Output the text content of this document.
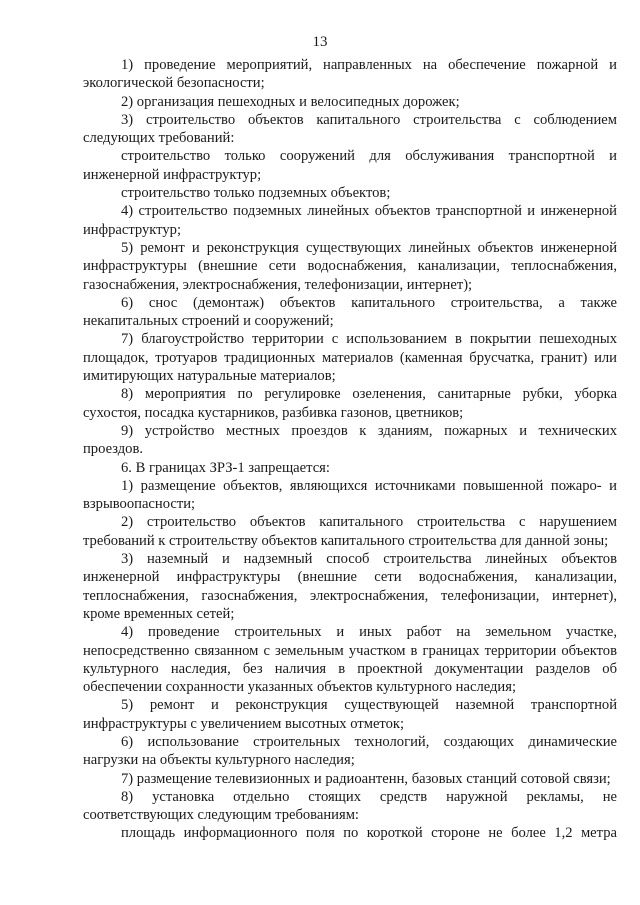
13

1) проведение мероприятий, направленных на обеспечение пожарной и экологической безопасности;

2) организация пешеходных и велосипедных дорожек;

3) строительство объектов капитального строительства с соблюдением следующих требований:

строительство только сооружений для обслуживания транспортной и инженерной инфраструктур;

строительство только подземных объектов;

4) строительство подземных линейных объектов транспортной и инженерной инфраструктур;

5) ремонт и реконструкция существующих линейных объектов инженерной инфраструктуры (внешние сети водоснабжения, канализации, теплоснабжения, газоснабжения, электроснабжения, телефонизации, интернет);

6) снос (демонтаж) объектов капитального строительства, а также некапитальных строений и сооружений;

7) благоустройство территории с использованием в покрытии пешеходных площадок, тротуаров традиционных материалов (каменная брусчатка, гранит) или имитирующих натуральные материалов;

8) мероприятия по регулировке озеленения, санитарные рубки, уборка сухостоя, посадка кустарников, разбивка газонов, цветников;

9) устройство местных проездов к зданиям, пожарных и технических проездов.

6. В границах ЗРЗ-1 запрещается:

1) размещение объектов, являющихся источниками повышенной пожаро- и взрывоопасности;

2) строительство объектов капитального строительства с нарушением требований к строительству объектов капитального строительства для данной зоны;

3) наземный и надземный способ строительства линейных объектов инженерной инфраструктуры (внешние сети водоснабжения, канализации, теплоснабжения, газоснабжения, электроснабжения, телефонизации, интернет), кроме временных сетей;

4) проведение строительных и иных работ на земельном участке, непосредственно связанном с земельным участком в границах территории объектов культурного наследия, без наличия в проектной документации разделов об обеспечении сохранности указанных объектов культурного наследия;

5) ремонт и реконструкция существующей наземной транспортной инфраструктуры с увеличением высотных отметок;

6) использование строительных технологий, создающих динамические нагрузки на объекты культурного наследия;

7) размещение телевизионных и радиоантенн, базовых станций сотовой связи;

8) установка отдельно стоящих средств наружной рекламы, не соответствующих следующим требованиям:

площадь информационного поля по короткой стороне не более 1,2 метра
